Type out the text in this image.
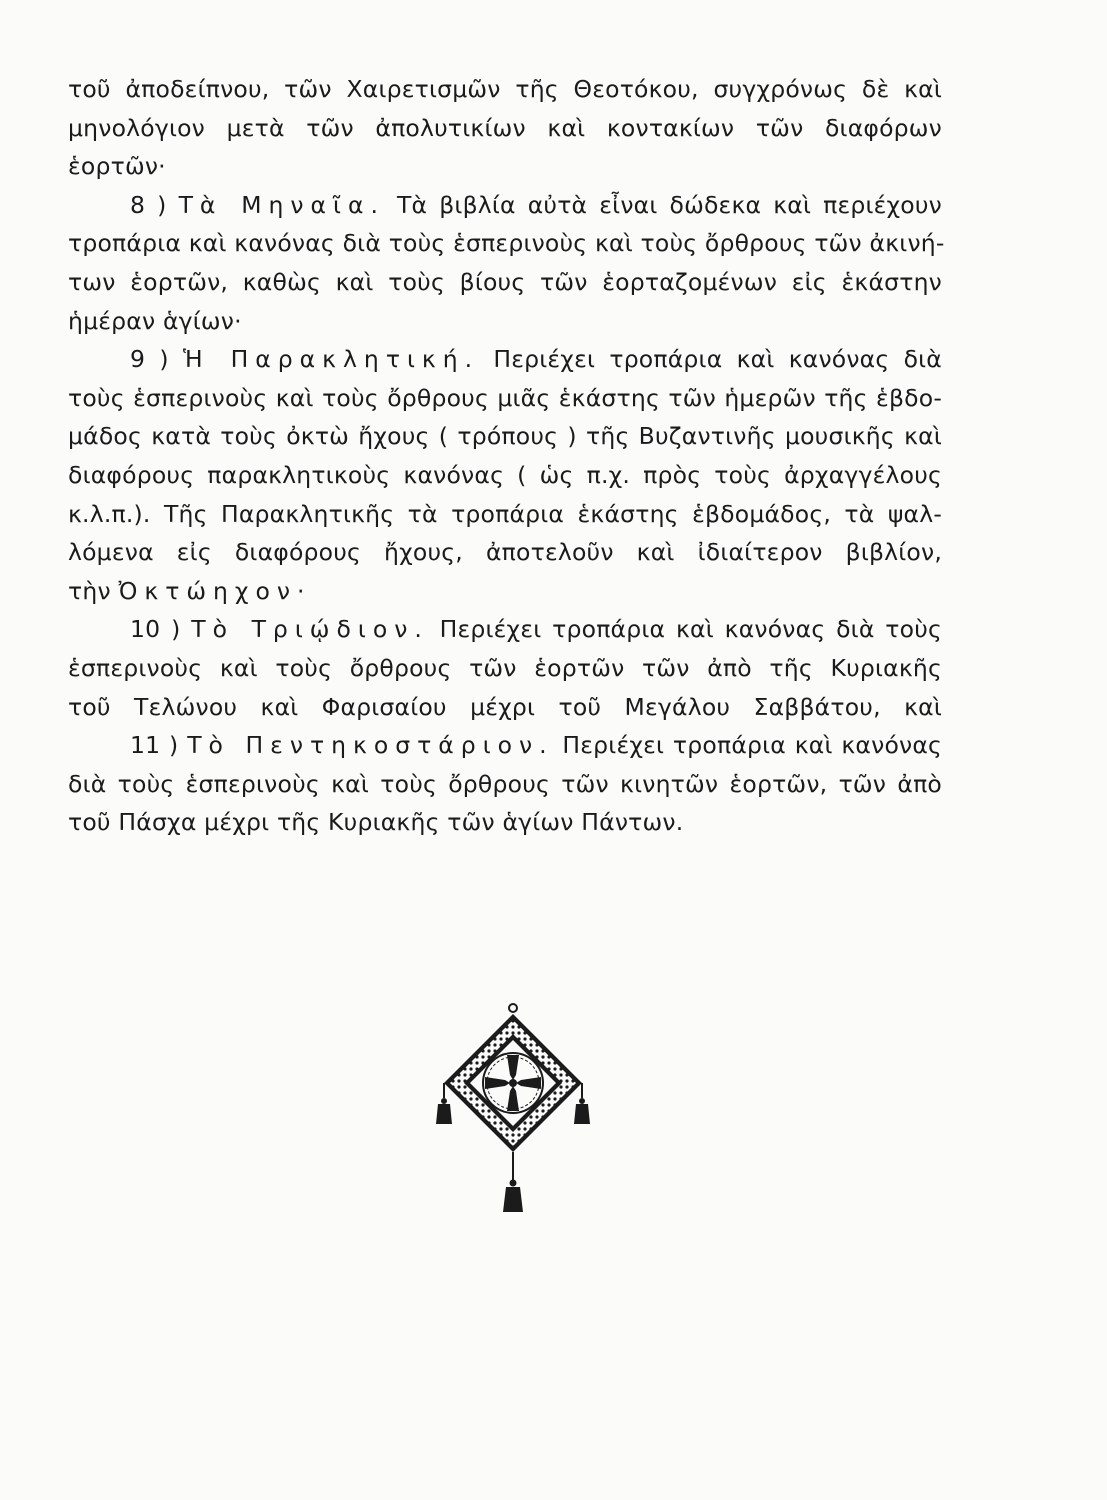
τοῦ ἀποδείπνου, τῶν Χαιρετισμῶν τῆς Θεοτόκου, συγχρόνως δὲ καὶ
μηνολόγιον μετὰ τῶν ἀπολυτικίων καὶ κοντακίων τῶν διαφόρων
ἑορτῶν·
8 ) Τὰ Μηναῖα. Τὰ βιβλία αὐτὰ εἶναι δώδεκα καὶ περιέχουν
τροπάρια καὶ κανόνας διὰ τοὺς ἑσπερινοὺς καὶ τοὺς ὄρθρους τῶν ἀκινή-
των ἑορτῶν, καθὼς καὶ τοὺς βίους τῶν ἑορταζομένων εἰς ἑκάστην
ἡμέραν ἁγίων·
9 ) Ἡ Παρακλητική. Περιέχει τροπάρια καὶ κανόνας διὰ
τοὺς ἑσπερινοὺς καὶ τοὺς ὄρθρους μιᾶς ἑκάστης τῶν ἡμερῶν τῆς ἑβδο-
μάδος κατὰ τοὺς ὀκτὼ ἤχους ( τρόπους ) τῆς Βυζαντινῆς μουσικῆς καὶ
διαφόρους παρακλητικοὺς κανόνας ( ὡς π.χ. πρὸς τοὺς ἀρχαγγέλους
κ.λ.π.). Τῆς Παρακλητικῆς τὰ τροπάρια ἑκάστης ἑβδομάδος, τὰ ψαλ-
λόμενα εἰς διαφόρους ἤχους, ἀποτελοῦν καὶ ἰδιαίτερον βιβλίον,
τὴν Ὀκτώηχον·
10 ) Τὸ Τριῴδιον. Περιέχει τροπάρια καὶ κανόνας διὰ τοὺς
ἑσπερινοὺς καὶ τοὺς ὄρθρους τῶν ἑορτῶν τῶν ἀπὸ τῆς Κυριακῆς
τοῦ Τελώνου καὶ Φαρισαίου μέχρι τοῦ Μεγάλου Σαββάτου, καὶ
11 ) Τὸ Πεντηκοστάριον. Περιέχει τροπάρια καὶ κανόνας
διὰ τοὺς ἑσπερινοὺς καὶ τοὺς ὄρθρους τῶν κινητῶν ἑορτῶν, τῶν ἀπὸ
τοῦ Πάσχα μέχρι τῆς Κυριακῆς τῶν ἁγίων Πάντων.
